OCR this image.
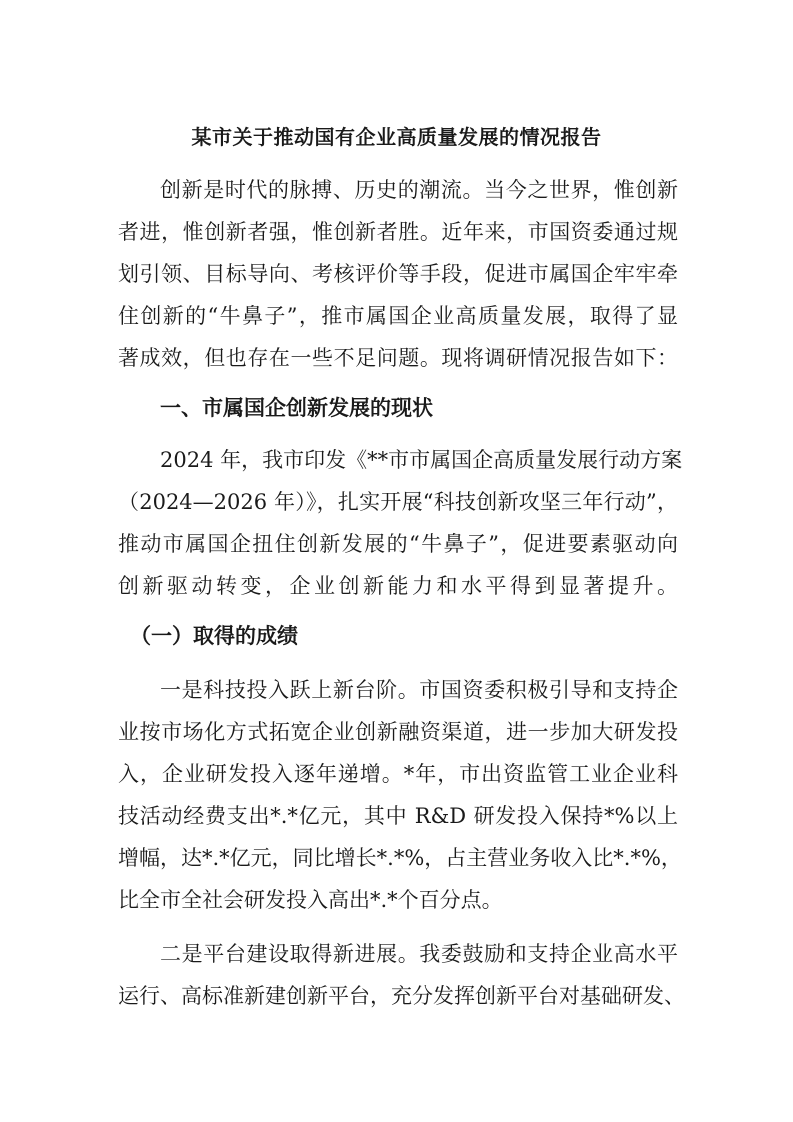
某市关于推动国有企业高质量发展的情况报告
创新是时代的脉搏、历史的潮流。当今之世界，惟创新
者进，惟创新者强，惟创新者胜。近年来，市国资委通过规
划引领、目标导向、考核评价等手段，促进市属国企牢牢牵
住创新的“牛鼻子”，推市属国企业高质量发展，取得了显
著成效，但也存在一些不足问题。现将调研情况报告如下：
一、市属国企创新发展的现状
2024 年，我市印发《**市市属国企高质量发展行动方案
（2024—2026 年）》，扎实开展“科技创新攻坚三年行动”，
推动市属国企扭住创新发展的“牛鼻子”，促进要素驱动向
创新驱动转变，企业创新能力和水平得到显著提升。
（一）取得的成绩
一是科技投入跃上新台阶。市国资委积极引导和支持企
业按市场化方式拓宽企业创新融资渠道，进一步加大研发投
入，企业研发投入逐年递增。*年，市出资监管工业企业科
技活动经费支出*.*亿元，其中 R&D 研发投入保持*%以上
增幅，达*.*亿元，同比增长*.*%，占主营业务收入比*.*%，
比全市全社会研发投入高出*.*个百分点。
二是平台建设取得新进展。我委鼓励和支持企业高水平
运行、高标准新建创新平台，充分发挥创新平台对基础研发、
